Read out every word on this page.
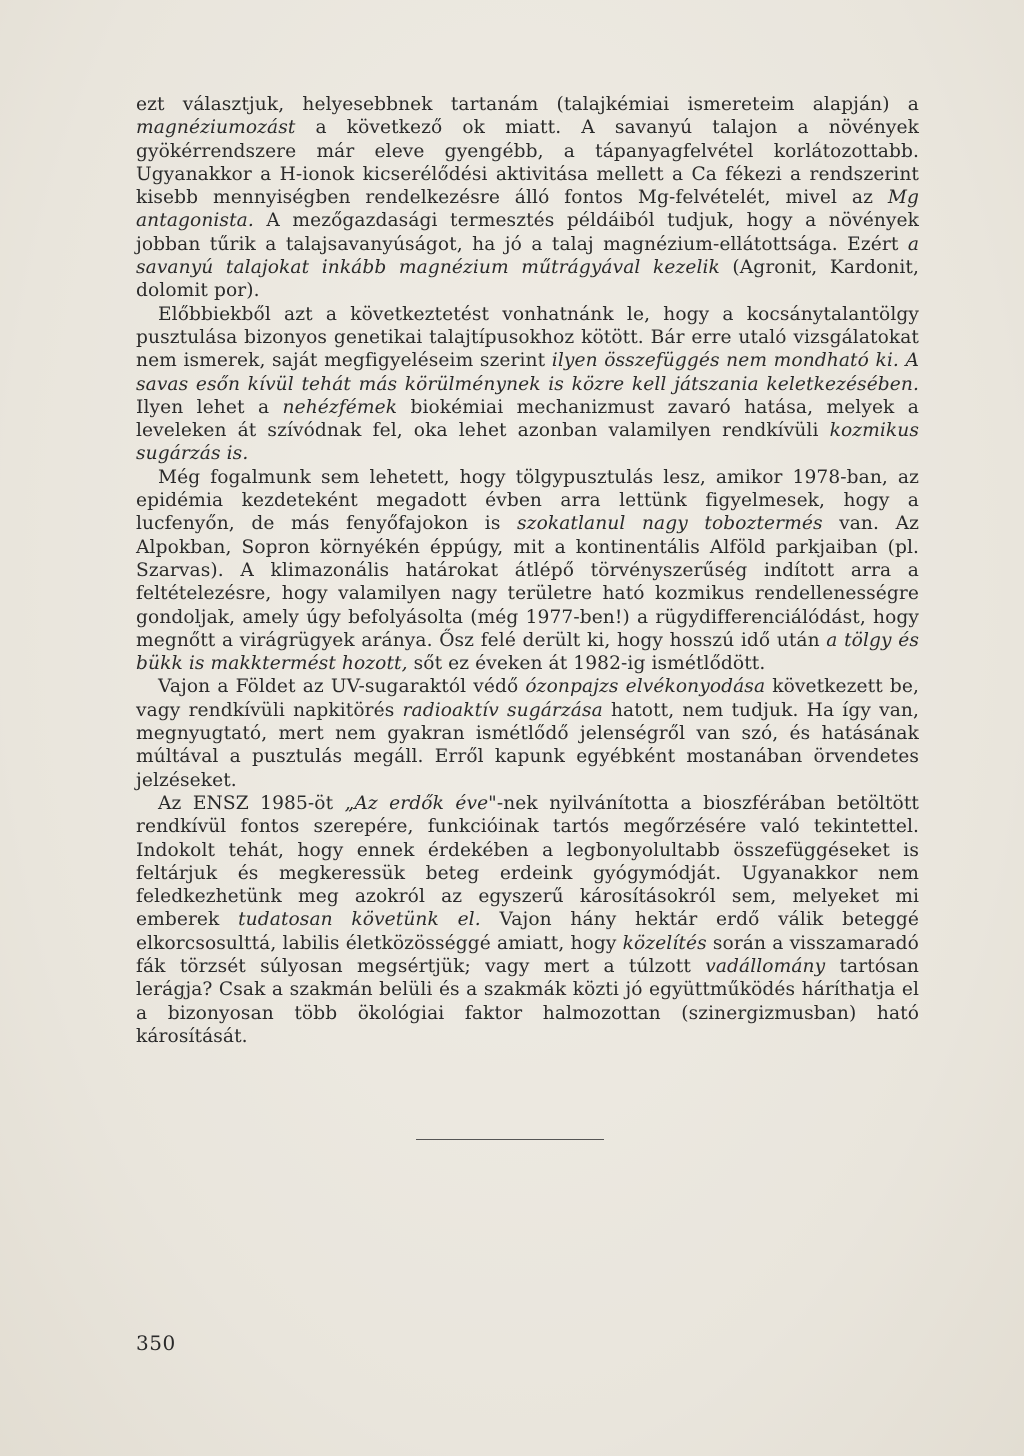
ezt választjuk, helyesebbnek tartanám (talajkémiai ismereteim alapján) a magnéziumozást a következő ok miatt. A savanyú talajon a növények gyökérrendszere már eleve gyengébb, a tápanyagfelvétel korlátozottabb. Ugyanakkor a H-ionok kicserélődési aktivitása mellett a Ca fékezi a rendszerint kisebb mennyiségben rendelkezésre álló fontos Mg-felvételét, mivel az Mg antagonista. A mezőgazdasági termesztés példáiból tudjuk, hogy a növények jobban tűrik a talajsavanyúságot, ha jó a talaj magnézium-ellátottsága. Ezért a savanyú talajokat inkább magnézium műtrágyával kezelik (Agronit, Kardonit, dolomit por).

Előbbiekből azt a következtetést vonhatnánk le, hogy a kocsánytalantölgy pusztulása bizonyos genetikai talajtípusokhoz kötött. Bár erre utaló vizsgálatokat nem ismerek, saját megfigyeléseim szerint ilyen összefüggés nem mondható ki. A savas esőn kívül tehát más körülménynek is közre kell játszania keletkezésében. Ilyen lehet a nehézfémek biokémiai mechanizmust zavaró hatása, melyek a leveleken át szívódnak fel, oka lehet azonban valamilyen rendkívüli kozmikus sugárzás is.

Még fogalmunk sem lehetett, hogy tölgypusztulás lesz, amikor 1978-ban, az epidémia kezdeteként megadott évben arra lettünk figyelmesek, hogy a lucfenyőn, de más fenyőfajokon is szokatlanul nagy toboztermés van. Az Alpokban, Sopron környékén éppúgy, mit a kontinentális Alföld parkjaiban (pl. Szarvas). A klimazonális határokat átlépő törvényszerűség indított arra a feltételezésre, hogy valamilyen nagy területre ható kozmikus rendellenességre gondoljak, amely úgy befolyásolta (még 1977-ben!) a rügydifferenciálódást, hogy megnőtt a virágrügyek aránya. Ősz felé derült ki, hogy hosszú idő után a tölgy és bükk is makktermést hozott, sőt ez éveken át 1982-ig ismétlődött.

Vajon a Földet az UV-sugaraktól védő ózonpajzs elvékonyodása következett be, vagy rendkívüli napkitörés radioaktív sugárzása hatott, nem tudjuk. Ha így van, megnyugtató, mert nem gyakran ismétlődő jelenségről van szó, és hatásának múltával a pusztulás megáll. Erről kapunk egyébként mostanában örvendetes jelzéseket.

Az ENSZ 1985-öt „Az erdők éve"-nek nyilvánította a bioszférában betöltött rendkívül fontos szerepére, funkcióinak tartós megőrzésére való tekintettel. Indokolt tehát, hogy ennek érdekében a legbonyolultabb összefüggéseket is feltárjuk és megkeressük beteg erdeink gyógymódját. Ugyanakkor nem feledkezhetünk meg azokról az egyszerű károsításokról sem, melyeket mi emberek tudatosan követünk el. Vajon hány hektár erdő válik beteggé elkorcsosulttá, labilis életközösséggé amiatt, hogy közelítés során a visszamaradó fák törzsét súlyosan megsértjük; vagy mert a túlzott vadállomány tartósan lerágja? Csak a szakmán belüli és a szakmák közti jó együttműködés háríthatja el a bizonyosan több ökológiai faktor halmozottan (szinergizmusban) ható károsítását.

350
